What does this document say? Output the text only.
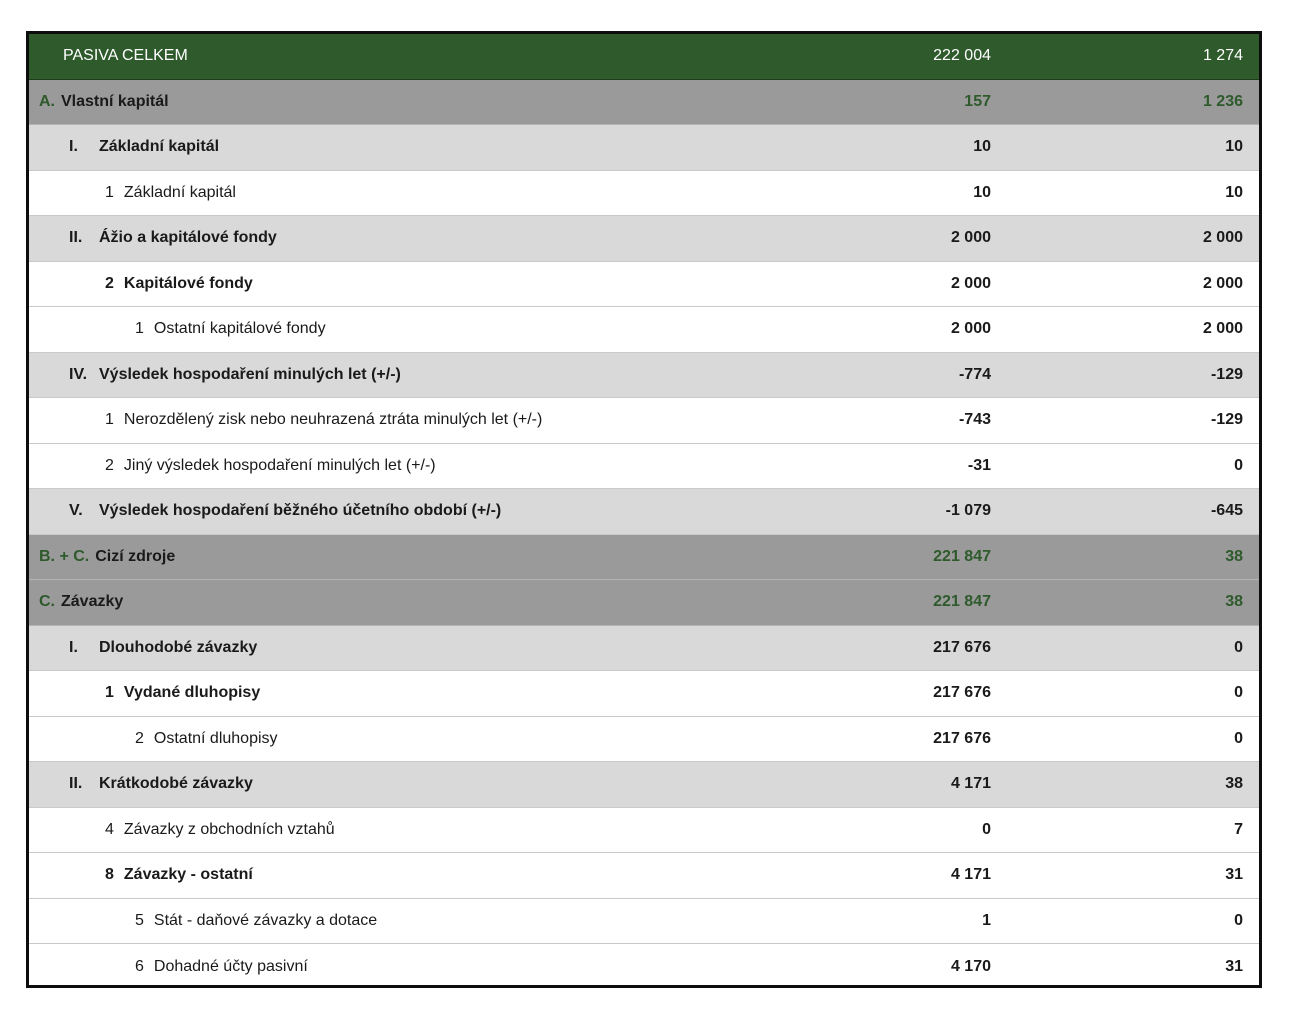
PASIVA CELKEM	222 004	1 274
A. Vlastní kapitál	157	1 236
I.	Základní kapitál	10	10
1 Základní kapitál	10	10
II.	Ážio a kapitálové fondy	2 000	2 000
2 Kapitálové fondy	2 000	2 000
1 Ostatní kapitálové fondy	2 000	2 000
IV. Výsledek hospodaření minulých let (+/-)	-774	-129
1 Nerozdělený zisk nebo neuhrazená ztráta minulých let (+/-)	-743	-129
2 Jiný výsledek hospodaření minulých let (+/-)	-31	0
V.	Výsledek hospodaření běžného účetního období (+/-)	-1 079	-645
B. + C. Cizí zdroje	221 847	38
C. Závazky	221 847	38
I.	Dlouhodobé závazky	217 676	0
1 Vydané dluhopisy	217 676	0
2 Ostatní dluhopisy	217 676	0
II.	Krátkodobé závazky	4 171	38
4 Závazky z obchodních vztahů	0	7
8 Závazky - ostatní	4 171	31
5 Stát - daňové závazky a dotace	1	0
6 Dohadné účty pasivní	4 170	31
